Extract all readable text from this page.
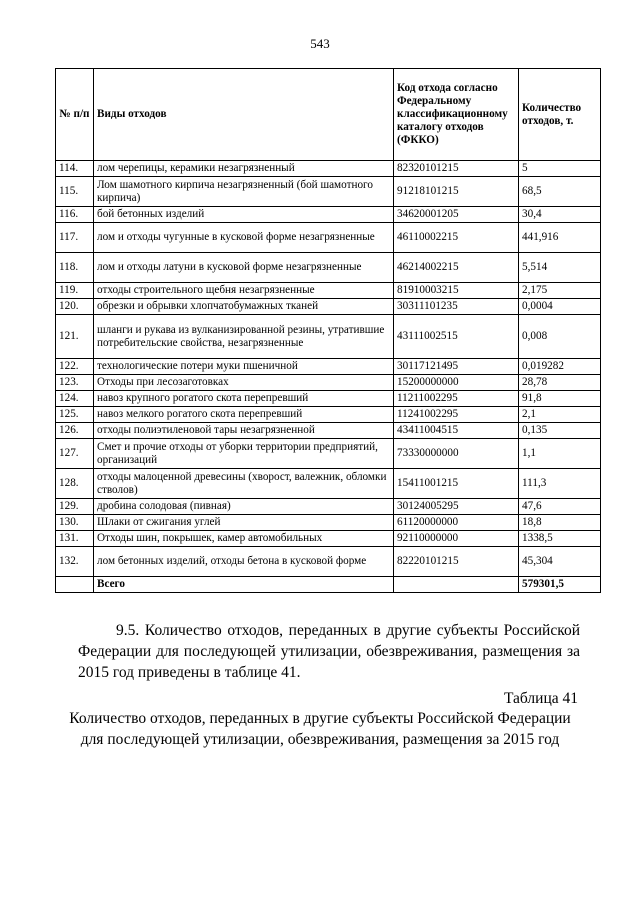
543
№ п/п	Виды отходов	Код отхода согласно Федеральному классификационному каталогу отходов (ФККО)	Количество отходов, т.
114.	лом черепицы, керамики незагрязненный	82320101215	5
115.	Лом шамотного кирпича незагрязненный (бой шамотного кирпича)	91218101215	68,5
116.	бой бетонных изделий	34620001205	30,4
117.	лом и отходы чугунные в кусковой форме незагрязненные	46110002215	441,916
118.	лом и отходы латуни в кусковой форме незагрязненные	46214002215	5,514
119.	отходы строительного щебня незагрязненные	81910003215	2,175
120.	обрезки и обрывки хлопчатобумажных тканей	30311101235	0,0004
121.	шланги и рукава из вулканизированной резины, утратившие потребительские свойства, незагрязненные	43111002515	0,008
122.	технологические потери муки пшеничной	30117121495	0,019282
123.	Отходы при лесозаготовках	15200000000	28,78
124.	навоз крупного рогатого скота перепревший	11211002295	91,8
125.	навоз мелкого рогатого скота перепревший	11241002295	2,1
126.	отходы полиэтиленовой тары незагрязненной	43411004515	0,135
127.	Смет и прочие отходы от уборки территории предприятий, организаций	73330000000	1,1
128.	отходы малоценной древесины (хворост, валежник, обломки стволов)	15411001215	111,3
129.	дробина солодовая (пивная)	30124005295	47,6
130.	Шлаки от сжигания углей	61120000000	18,8
131.	Отходы шин, покрышек, камер автомобильных	92110000000	1338,5
132.	лом бетонных изделий, отходы бетона в кусковой форме	82220101215	45,304
	Всего		579301,5

9.5. Количество отходов, переданных в другие субъекты Российской Федерации для последующей утилизации, обезвреживания, размещения за 2015 год приведены в таблице 41.

Таблица 41

Количество отходов, переданных в другие субъекты Российской Федерации для последующей утилизации, обезвреживания, размещения за 2015 год
